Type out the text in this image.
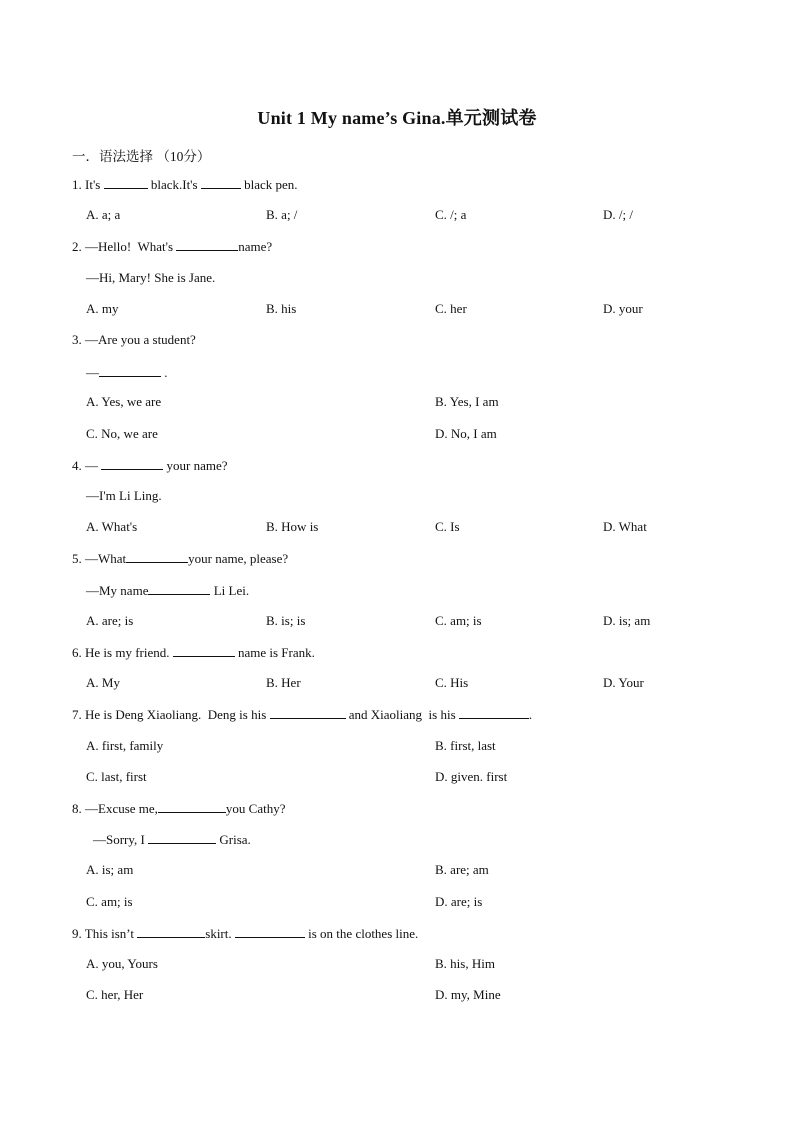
Unit 1 My name’s Gina.单元测试卷
一．语法选择 （10分）
1. It's	black.It's	black pen.
A. a; a	B. a; /	C. /; a	D. /; /
2. —Hello!  What's	name?
—Hi, Mary! She is Jane.
A. my	B. his	C. her	D. your
3. —Are you a student?
—	.
A. Yes, we are	B. Yes, I am
C. No, we are	D. No, I am
4. —	your name?
—I'm Li Ling.
A. What's	B. How is	C. Is	D. What
5. —What	your name, please?
—My name	Li Lei.
A. are; is	B. is; is	C. am; is	D. is; am
6. He is my friend.	name is Frank.
A. My	B. Her	C. His	D. Your
7. He is Deng Xiaoliang.  Deng is his	and Xiaoliang  is his	.
A. first, family	B. first, last
C. last, first	D. given. first
8. —Excuse me,	you Cathy?
—Sorry, I	Grisa.
A. is; am	B. are; am
C. am; is	D. are; is
9. This isn’t	skirt.	is on the clothes line.
A. you, Yours	B. his, Him
C. her, Her	D. my, Mine
